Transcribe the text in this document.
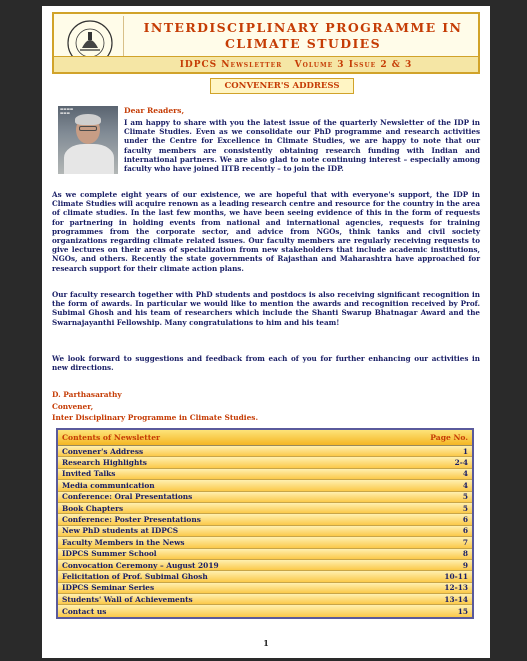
INTERDISCIPLINARY PROGRAMME IN
CLIMATE STUDIES
IDPCS Newsletter Volume 3 Issue 2 & 3
CONVENER'S ADDRESS
▬▬▬▬
▬▬▬	Dear Readers,
I am happy to share with you the latest issue of the quarterly Newsletter of the IDP in Climate Studies. Even as we consolidate our PhD programme and research activities under the Centre for Excellence in Climate Studies, we are happy to note that our faculty members are consistently obtaining research funding with Indian and international partners. We are also glad to note continuing interest – especially among faculty who have joined IITB recently – to join the IDP.
As we complete eight years of our existence, we are hopeful that with everyone's support, the IDP in Climate Studies will acquire renown as a leading research centre and resource for the country in the area of climate studies. In the last few months, we have been seeing evidence of this in the form of requests for partnering in holding events from national and international agencies, requests for training programmes from the corporate sector, and advice from NGOs, think tanks and civil society organizations regarding climate related issues. Our faculty members are regularly receiving requests to give lectures on their areas of specialization from new stakeholders that include academic institutions, NGOs, and others. Recently the state governments of Rajasthan and Maharashtra have approached for research support for their climate action plans.
Our faculty research together with PhD students and postdocs is also receiving significant recognition in the form of awards. In particular we would like to mention the awards and recognition received by Prof. Subimal Ghosh and his team of researchers which include the Shanti Swarup Bhatnagar Award and the Swarnajayanthi Fellowship. Many congratulations to him and his team!
We look forward to suggestions and feedback from each of you for further enhancing our activities in new directions.
D. Parthasarathy
Convener,
Inter Disciplinary Programme in Climate Studies.
Contents of Newsletter	Page No.
Convener's Address	1
Research Highlights	2-4
Invited Talks	4
Media communication	4
Conference: Oral Presentations	5
Book Chapters	5
Conference: Poster Presentations	6
New PhD students at IDPCS	6
Faculty Members in the News	7
IDPCS Summer School	8
Convocation Ceremony – August 2019	9
Felicitation of Prof. Subimal Ghosh	10-11
IDPCS Seminar Series	12-13
Students' Wall of Achievements	13-14
Contact us	15
1
